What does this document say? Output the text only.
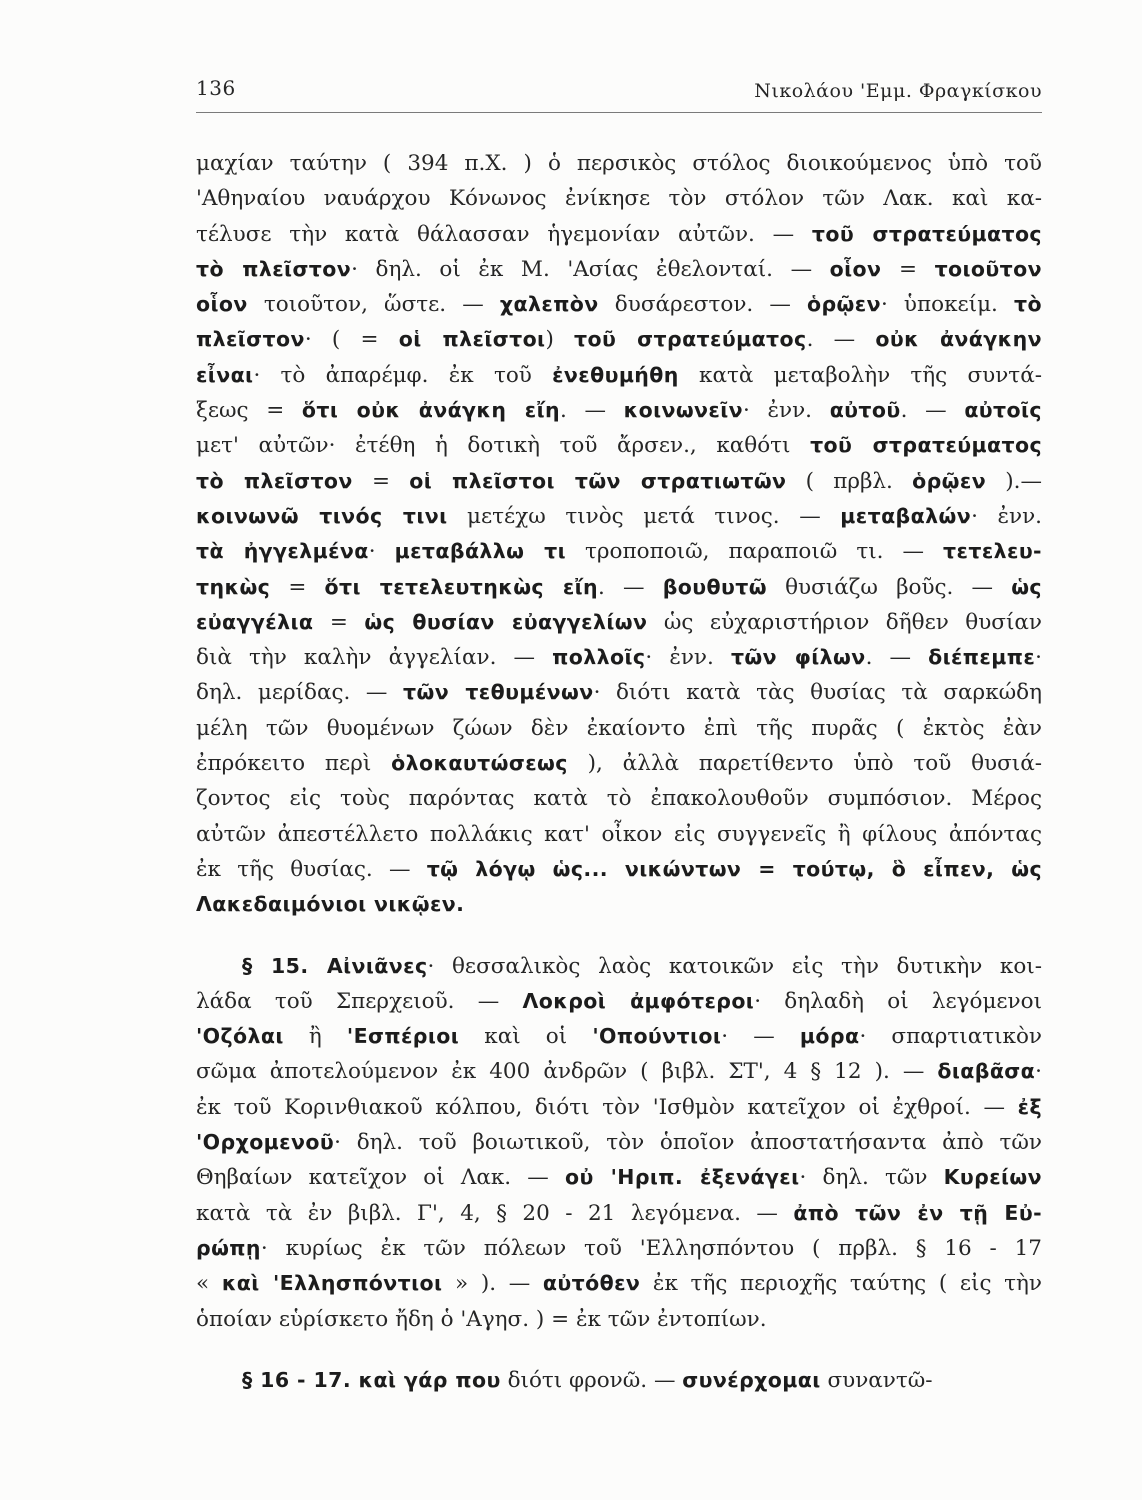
136	Νικολάου 'Εμμ. Φραγκίσκου
μαχίαν ταύτην ( 394 π.Χ. ) ὁ περσικὸς στόλος διοικούμενος ὑπὸ τοῦ
'Αθηναίου ναυάρχου Κόνωνος ἐνίκησε τὸν στόλον τῶν Λακ. καὶ κα-
τέλυσε τὴν κατὰ θάλασσαν ἡγεμονίαν αὐτῶν. — τοῦ στρατεύματος
τὸ πλεῖστον· δηλ. οἱ ἐκ Μ. 'Ασίας ἐθελονταί. — οἷον = τοιοῦτον
οἷον τοιοῦτον, ὥστε. — χαλεπὸν δυσάρεστον. — ὁρῷεν· ὑποκείμ. τὸ
πλεῖστον· ( = οἱ πλεῖστοι) τοῦ στρατεύματος. — οὐκ ἀνάγκην
εἶναι· τὸ ἀπαρέμφ. ἐκ τοῦ ἐνεθυμήθη κατὰ μεταβολὴν τῆς συντά-
ξεως = ὅτι οὐκ ἀνάγκη εἴη. — κοινωνεῖν· ἐνν. αὐτοῦ. — αὐτοῖς
μετ' αὐτῶν· ἐτέθη ἡ δοτικὴ τοῦ ἄρσεν., καθότι τοῦ στρατεύματος
τὸ πλεῖστον = οἱ πλεῖστοι τῶν στρατιωτῶν ( πρβλ. ὁρῷεν ).—
κοινωνῶ τινός τινι μετέχω τινὸς μετά τινος. — μεταβαλών· ἐνν.
τὰ ἠγγελμένα· μεταβάλλω τι τροποποιῶ, παραποιῶ τι. — τετελευ-
τηκὼς = ὅτι τετελευτηκὼς εἴη. — βουθυτῶ θυσιάζω βοῦς. — ὡς
εὐαγγέλια = ὡς θυσίαν εὐαγγελίων ὡς εὐχαριστήριον δῆθεν θυσίαν
διὰ τὴν καλὴν ἀγγελίαν. — πολλοῖς· ἐνν. τῶν φίλων. — διέπεμπε·
δηλ. μερίδας. — τῶν τεθυμένων· διότι κατὰ τὰς θυσίας τὰ σαρκώδη
μέλη τῶν θυομένων ζώων δὲν ἐκαίοντο ἐπὶ τῆς πυρᾶς ( ἐκτὸς ἐὰν
ἐπρόκειτο περὶ ὁλοκαυτώσεως ), ἀλλὰ παρετίθεντο ὑπὸ τοῦ θυσιά-
ζοντος εἰς τοὺς παρόντας κατὰ τὸ ἐπακολουθοῦν συμπόσιον. Μέρος
αὐτῶν ἀπεστέλλετο πολλάκις κατ' οἶκον εἰς συγγενεῖς ἢ φίλους ἀπόντας
ἐκ τῆς θυσίας. — τῷ λόγῳ ὡς... νικώντων = τούτῳ, ὃ εἶπεν, ὡς
Λακεδαιμόνιοι νικῷεν.
§ 15. Αἰνιᾶνες· θεσσαλικὸς λαὸς κατοικῶν εἰς τὴν δυτικὴν κοι-
λάδα τοῦ Σπερχειοῦ. — Λοκροὶ ἀμφότεροι· δηλαδὴ οἱ λεγόμενοι
'Οζόλαι ἢ 'Εσπέριοι καὶ οἱ 'Οπούντιοι· — μόρα· σπαρτιατικὸν
σῶμα ἀποτελούμενον ἐκ 400 ἀνδρῶν ( βιβλ. ΣΤ', 4 § 12 ). — διαβᾶσα·
ἐκ τοῦ Κορινθιακοῦ κόλπου, διότι τὸν 'Ισθμὸν κατεῖχον οἱ ἐχθροί. — ἐξ
'Ορχομενοῦ· δηλ. τοῦ βοιωτικοῦ, τὸν ὁποῖον ἀποστατήσαντα ἀπὸ τῶν
Θηβαίων κατεῖχον οἱ Λακ. — οὐ 'Ηριπ. ἐξενάγει· δηλ. τῶν Κυρείων
κατὰ τὰ ἐν βιβλ. Γ', 4, § 20 - 21 λεγόμενα. — ἀπὸ τῶν ἐν τῇ Εὐ-
ρώπῃ· κυρίως ἐκ τῶν πόλεων τοῦ 'Ελλησπόντου ( πρβλ. § 16 - 17
« καὶ 'Ελλησπόντιοι » ). — αὐτόθεν ἐκ τῆς περιοχῆς ταύτης ( εἰς τὴν
ὁποίαν εὑρίσκετο ἤδη ὁ 'Αγησ. ) = ἐκ τῶν ἐντοπίων.
§ 16 - 17. καὶ γάρ που διότι φρονῶ. — συνέρχομαι συναντῶ-
